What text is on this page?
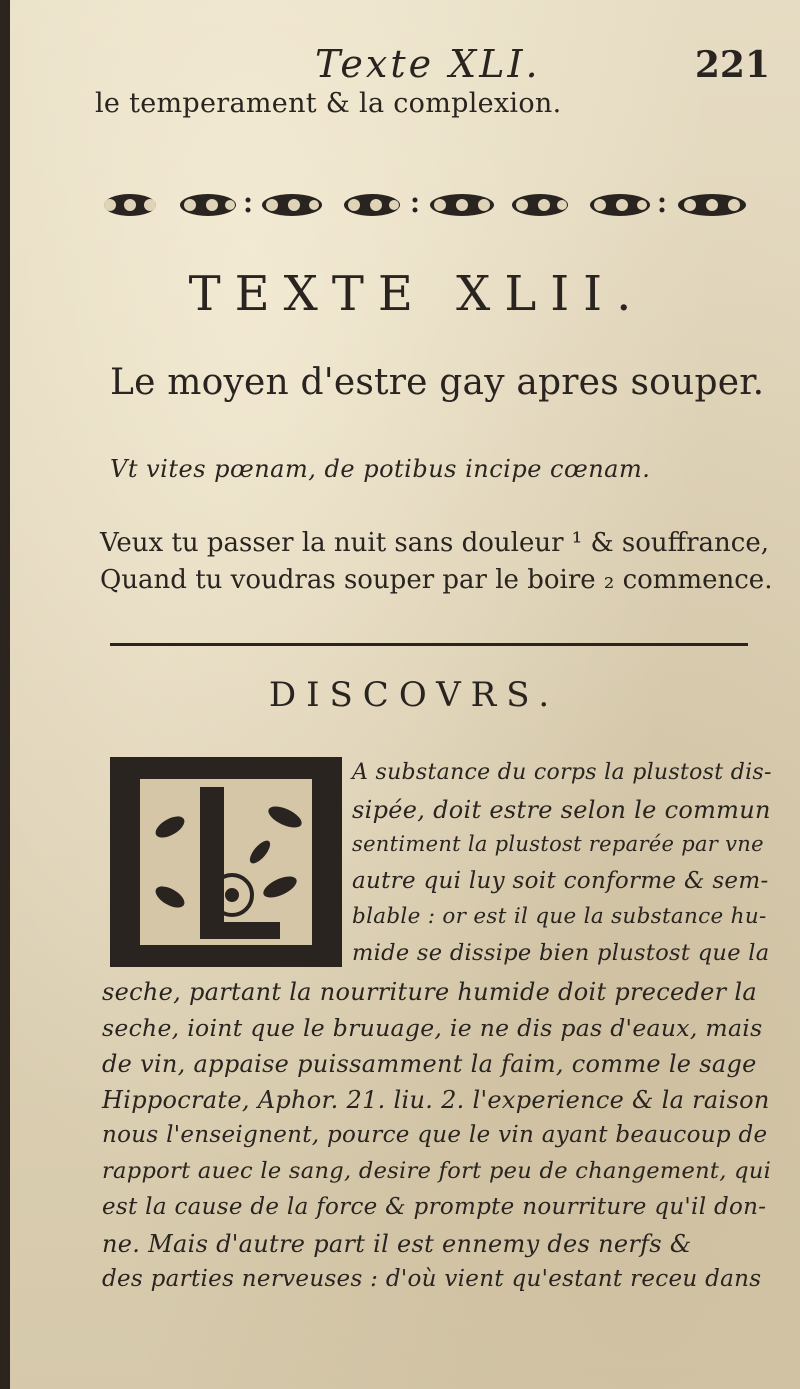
Texte XLI.	221
le temperament & la complexion.
TEXTE XLII.
Le moyen d'estre gay apres souper.
Vt vites pœnam, de potibus incipe cœnam.
Veux tu passer la nuit sans douleur ¹ & souffrance,
Quand tu voudras souper par le boire ₂ commence.
DISCOVRS.
A substance du corps la plustost dis-
sipée, doit estre selon le commun
sentiment la plustost reparée par vne
autre qui luy soit conforme & sem-
blable : or est il que la substance hu-
mide se dissipe bien plustost que la
seche, partant la nourriture humide doit preceder la
seche, ioint que le bruuage, ie ne dis pas d'eaux, mais
de vin, appaise puissamment la faim, comme le sage
Hippocrate, Aphor. 21. liu. 2. l'experience & la raison
nous l'enseignent, pource que le vin ayant beaucoup de
rapport auec le sang, desire fort peu de changement, qui
est la cause de la force & prompte nourriture qu'il don-
ne. Mais d'autre part il est ennemy des nerfs &
des parties nerveuses : d'où vient qu'estant receu dans
